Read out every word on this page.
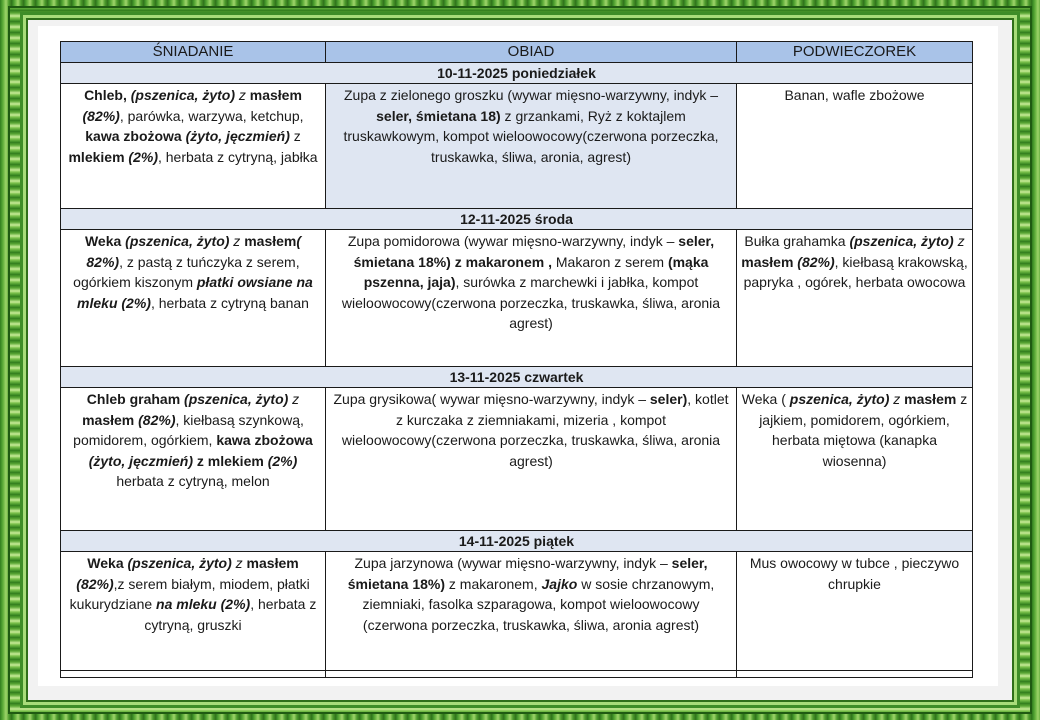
ŚNIADANIE	OBIAD	PODWIECZOREK
10-11-2025 poniedziałek		
Chleb, (pszenica, żyto) z masłem (82%), parówka, warzywa, ketchup, kawa zbożowa (żyto, jęczmień) z mlekiem (2%), herbata z cytryną, jabłka	Zupa z zielonego groszku (wywar mięsno-warzywny, indyk – seler, śmietana 18) z grzankami, Ryż z koktajlem truskawkowym, kompot wieloowocowy(czerwona porzeczka, truskawka, śliwa, aronia, agrest)	Banan, wafle zbożowe
12-11-2025 środa		
Weka (pszenica, żyto) z masłem( 82%), z pastą z tuńczyka z serem, ogórkiem kiszonym płatki owsiane na mleku (2%), herbata z cytryną banan	Zupa pomidorowa (wywar mięsno-warzywny, indyk – seler, śmietana 18%) z makaronem , Makaron z serem (mąka pszenna, jaja), surówka z marchewki i jabłka, kompot wieloowocowy(czerwona porzeczka, truskawka, śliwa, aronia agrest)	Bułka grahamka (pszenica, żyto) z masłem (82%), kiełbasą krakowską, papryka , ogórek, herbata owocowa
13-11-2025 czwartek		
Chleb graham (pszenica, żyto) z masłem (82%), kiełbasą szynkową, pomidorem, ogórkiem, kawa zbożowa (żyto, jęczmień) z mlekiem (2%) herbata z cytryną, melon	Zupa grysikowa( wywar mięsno-warzywny, indyk – seler), kotlet z kurczaka z ziemniakami, mizeria , kompot wieloowocowy(czerwona porzeczka, truskawka, śliwa, aronia agrest)	Weka ( pszenica, żyto) z masłem z jajkiem, pomidorem, ogórkiem, herbata miętowa (kanapka wiosenna)
14-11-2025 piątek		
Weka (pszenica, żyto) z masłem (82%),z serem białym, miodem, płatki kukurydziane na mleku (2%), herbata z cytryną, gruszki	Zupa jarzynowa (wywar mięsno-warzywny, indyk – seler, śmietana 18%) z makaronem, Jajko w sosie chrzanowym, ziemniaki, fasolka szparagowa, kompot wieloowocowy (czerwona porzeczka, truskawka, śliwa, aronia agrest)	Mus owocowy w tubce , pieczywo chrupkie
